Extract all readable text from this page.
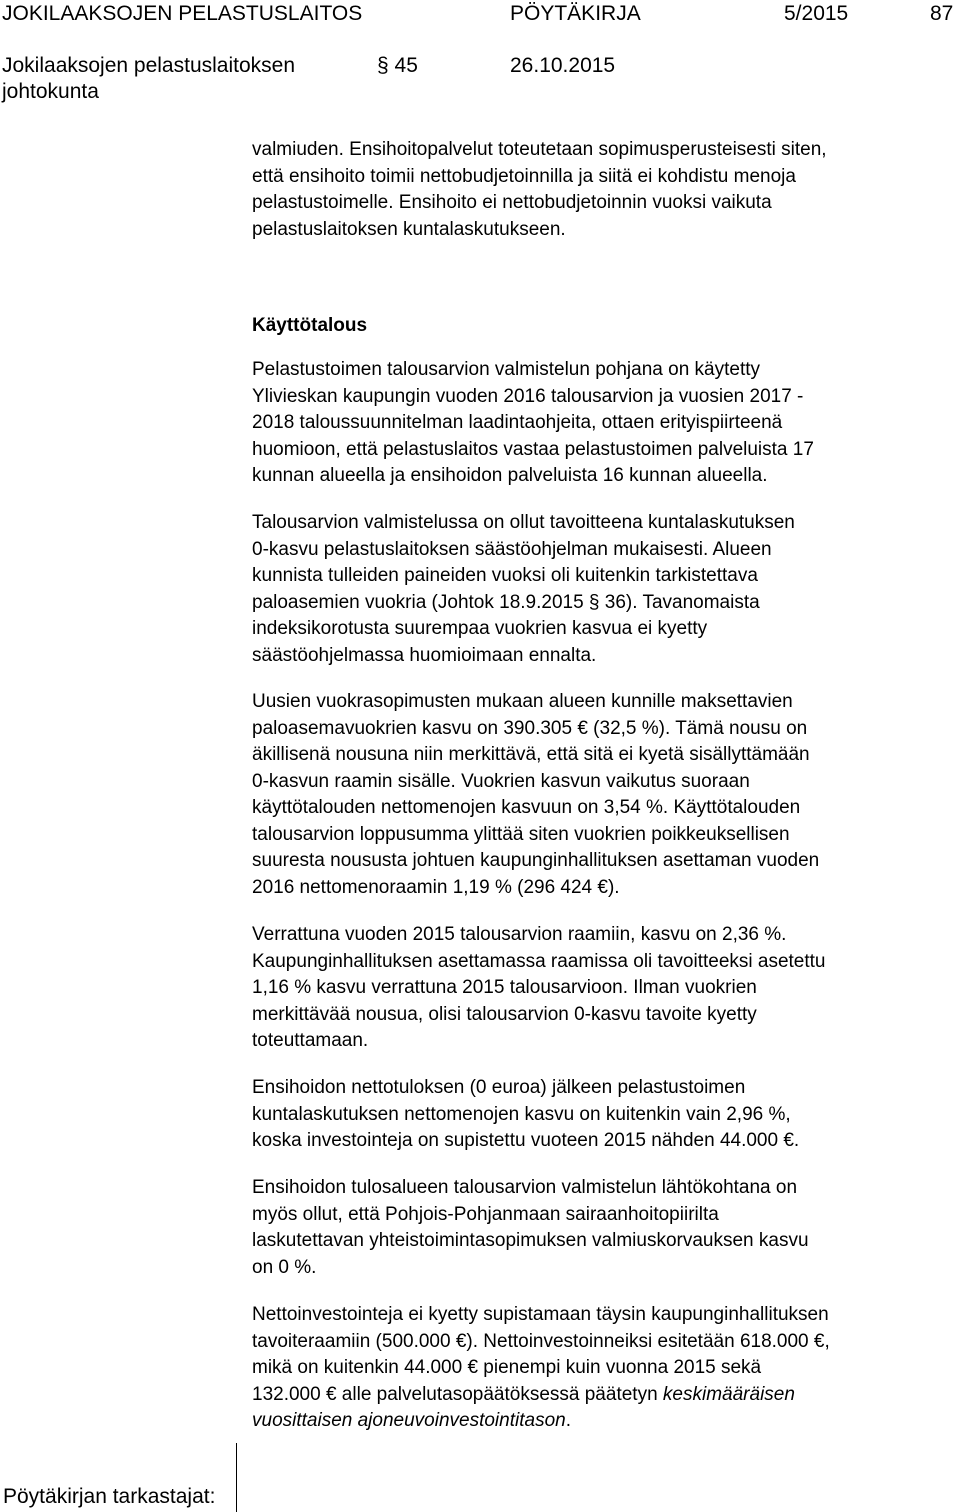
JOKILAAKSOJEN PELASTUSLAITOS	PÖYTÄKIRJA	5/2015	87
Jokilaaksojen pelastuslaitoksen
johtokunta
§ 45	26.10.2015

valmiuden. Ensihoitopalvelut toteutetaan sopimusperusteisesti siten,

että ensihoito toimii nettobudjetoinnilla ja siitä ei kohdistu menoja

pelastustoimelle. Ensihoito ei nettobudjetoinnin vuoksi vaikuta

pelastuslaitoksen kuntalaskutukseen.

Käyttötalous

Pelastustoimen talousarvion valmistelun pohjana on käytetty

Ylivieskan kaupungin vuoden 2016 talousarvion ja vuosien 2017 -

2018 taloussuunnitelman laadintaohjeita, ottaen erityispiirteenä

huomioon, että pelastuslaitos vastaa pelastustoimen palveluista 17

kunnan alueella ja ensihoidon palveluista 16 kunnan alueella.

Talousarvion valmistelussa on ollut tavoitteena kuntalaskutuksen

0-kasvu pelastuslaitoksen säästöohjelman mukaisesti. Alueen

kunnista tulleiden paineiden vuoksi oli kuitenkin tarkistettava

paloasemien vuokria (Johtok 18.9.2015 § 36). Tavanomaista

indeksikorotusta suurempaa vuokrien kasvua ei kyetty

säästöohjelmassa huomioimaan ennalta.

Uusien vuokrasopimusten mukaan alueen kunnille maksettavien

paloasemavuokrien kasvu on 390.305 € (32,5 %). Tämä nousu on

äkillisenä nousuna niin merkittävä, että sitä ei kyetä sisällyttämään

0-kasvun raamin sisälle. Vuokrien kasvun vaikutus suoraan

käyttötalouden nettomenojen kasvuun on 3,54 %. Käyttötalouden

talousarvion loppusumma ylittää siten vuokrien poikkeuksellisen

suuresta noususta johtuen kaupunginhallituksen asettaman vuoden

2016 nettomenoraamin 1,19 % (296 424 €).

Verrattuna vuoden 2015 talousarvion raamiin, kasvu on 2,36 %.

Kaupunginhallituksen asettamassa raamissa oli tavoitteeksi asetettu

1,16 % kasvu verrattuna 2015 talousarvioon. Ilman vuokrien

merkittävää nousua, olisi talousarvion 0-kasvu tavoite kyetty

toteuttamaan.

Ensihoidon nettotuloksen (0 euroa) jälkeen pelastustoimen

kuntalaskutuksen nettomenojen kasvu on kuitenkin vain 2,96 %,

koska investointeja on supistettu vuoteen 2015 nähden 44.000 €.

Ensihoidon tulosalueen talousarvion valmistelun lähtökohtana on

myös ollut, että Pohjois-Pohjanmaan sairaanhoitopiirilta

laskutettavan yhteistoimintasopimuksen valmiuskorvauksen kasvu

on 0 %.

Nettoinvestointeja ei kyetty supistamaan täysin kaupunginhallituksen

tavoiteraamiin (500.000 €). Nettoinvestoinneiksi esitetään 618.000 €,

mikä on kuitenkin 44.000 € pienempi kuin vuonna 2015 sekä

132.000 € alle palvelutasopäätöksessä päätetyn keskimääräisen

vuosittaisen ajoneuvoinvestointitason.

Pöytäkirjan tarkastajat:
